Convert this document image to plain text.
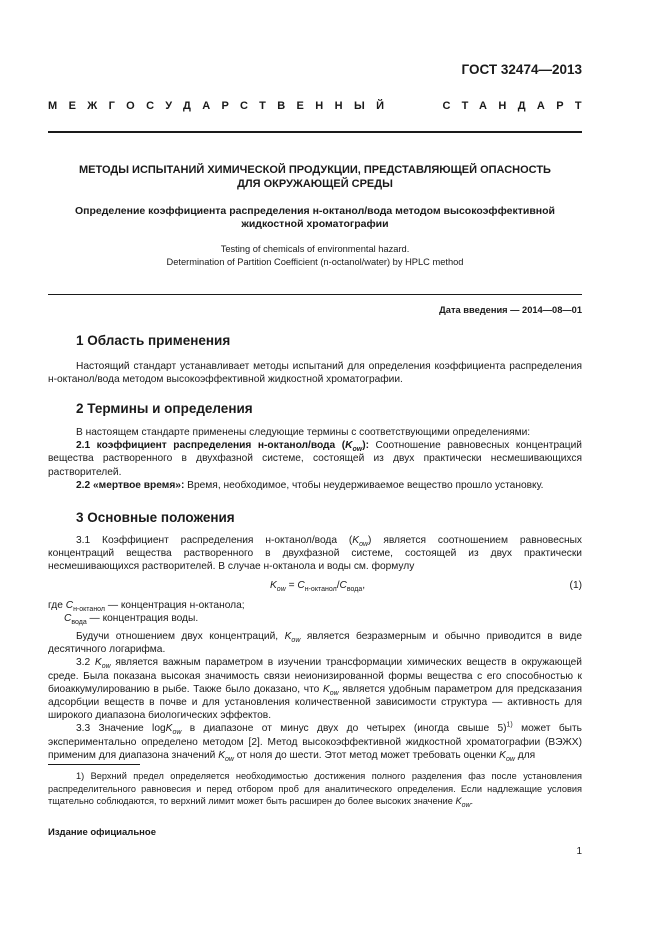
ГОСТ 32474—2013
МЕЖГОСУДАРСТВЕННЫЙ	СТАНДАРТ
МЕТОДЫ ИСПЫТАНИЙ ХИМИЧЕСКОЙ ПРОДУКЦИИ, ПРЕДСТАВЛЯЮЩЕЙ ОПАСНОСТЬ
ДЛЯ ОКРУЖАЮЩЕЙ СРЕДЫ
Определение коэффициента распределения н-октанол/вода методом высокоэффективной
жидкостной хроматографии
Testing of chemicals of environmental hazard.
Determination of Partition Coefficient (n-octanol/water) by HPLC method
Дата введения — 2014—08—01
1 Область применения

Настоящий стандарт устанавливает методы испытаний для определения коэффициента распределения н-октанол/вода методом высокоэффективной жидкостной хроматографии.

2 Термины и определения

В настоящем стандарте применены следующие термины с соответствующими определениями:

2.1 коэффициент распределения н-октанол/вода $(K_{ow})$: Соотношение равновесных концентраций вещества растворенного в двухфазной системе, состоящей из двух практически несмешивающихся растворителей.

2.2 «мертвое время»: Время, необходимое, чтобы неудерживаемое вещество прошло установку.

3 Основные положения

3.1 Коэффициент распределения н-октанол/вода $(K_{ow})$ является соотношением равновесных концентраций вещества растворенного в двухфазной системе, состоящей из двух практически несмешивающихся растворителей. В случае н-октанола и воды см. формулу

$K_{ow} = C_{н-октанол}/C_{вода}$,	(1)

где $C_{н-октанол}$ — концентрация н-октанола;

$C_{вода}$ — концентрация воды.

Будучи отношением двух концентраций, $K_{ow}$ является безразмерным и обычно приводится в виде десятичного логарифма.

3.2 $K_{ow}$ является важным параметром в изучении трансформации химических веществ в окружающей среде. Была показана высокая значимость связи неионизированной формы вещества с его способностью к биоаккумулированию в рыбе. Также было доказано, что $K_{ow}$ является удобным параметром для предсказания адсорбции веществ в почве и для установления количественной зависимости структура — активность для широкого диапазона биологических эффектов.

3.3 Значение logK$_{ow}$ в диапазоне от минус двух до четырех (иногда свыше 5)$^{1)}$ может быть экспериментально определено методом [2]. Метод высокоэффективной жидкостной хроматографии (ВЭЖХ) применим для диапазона значений $K_{ow}$ от ноля до шести. Этот метод может требовать оценки $K_{ow}$ для

1) Верхний предел определяется необходимостью достижения полного разделения фаз после установления распределительного равновесия и перед отбором проб для аналитического определения. Если надлежащие условия тщательно соблюдаются, то верхний лимит может быть расширен до более высоких значение $K_{ow}$.

Издание официальное
1
